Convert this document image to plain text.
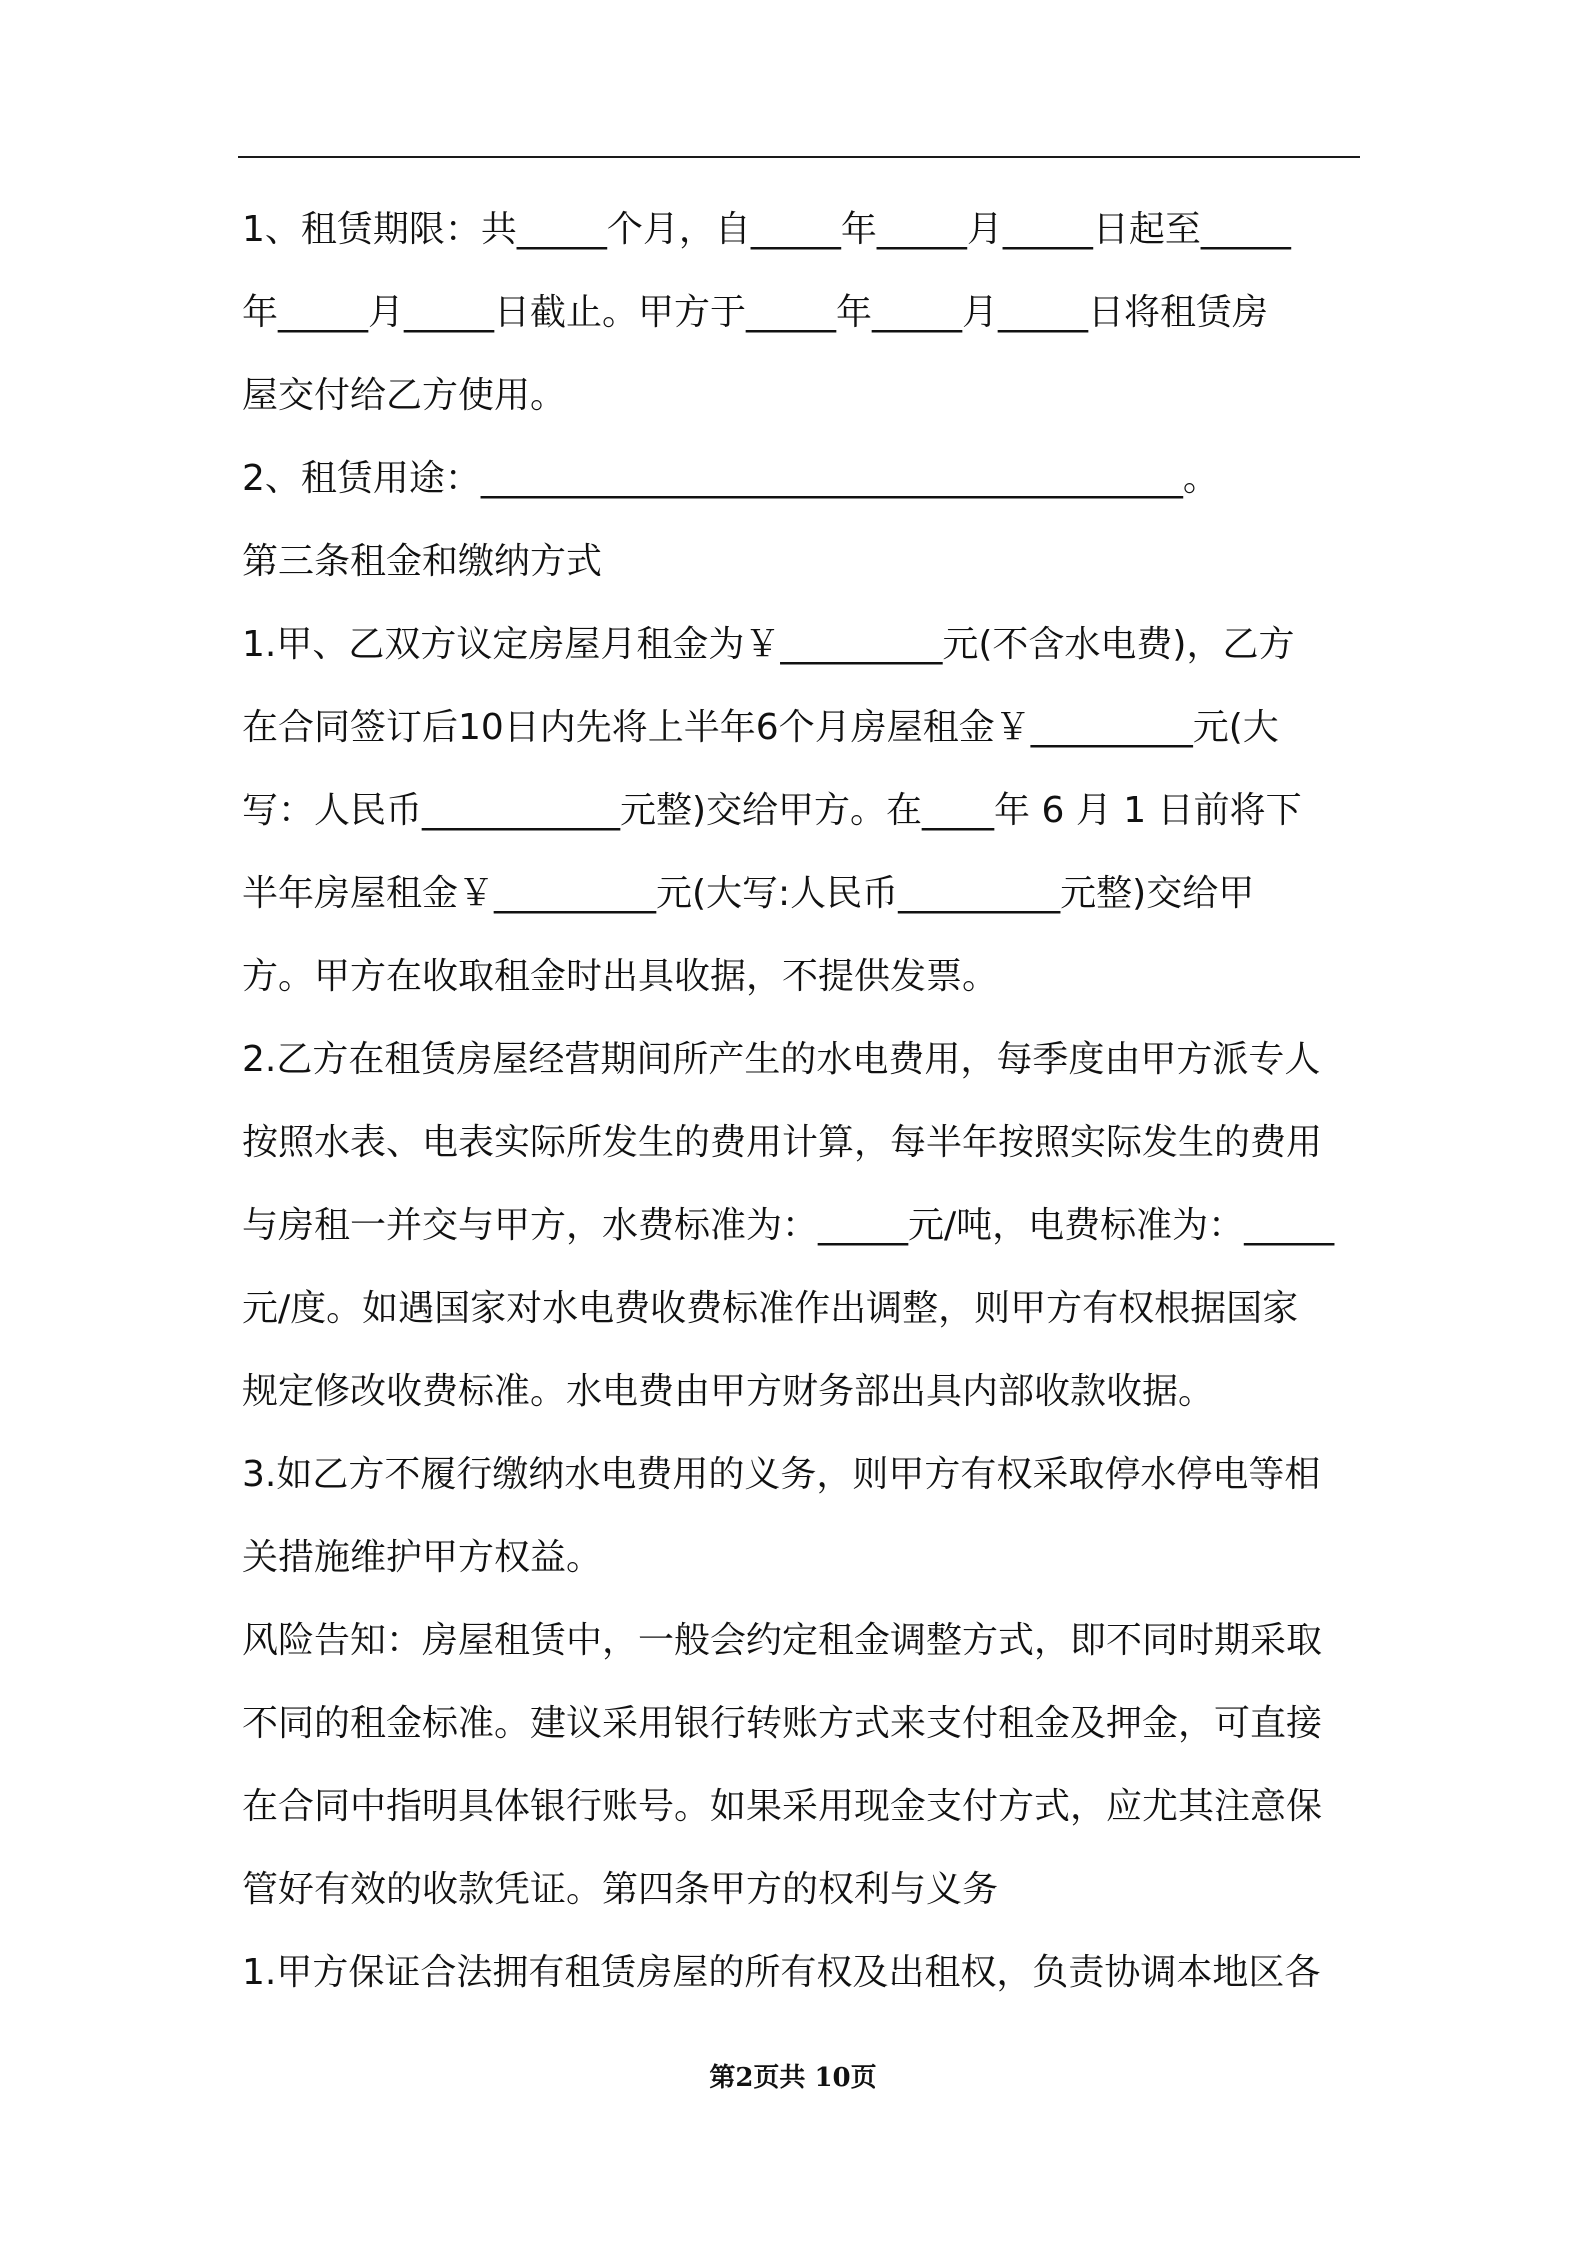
1、租赁期限：共_____个月，自_____年_____月_____日起至_____
年_____月_____日截止。甲方于_____年_____月_____日将租赁房
屋交付给乙方使用。
2、租赁用途：_______________________________________。
第三条租金和缴纳方式
1.甲、乙双方议定房屋月租金为￥_________元(不含水电费)，乙方
在合同签订后10日内先将上半年6个月房屋租金￥_________元(大
写：人民币___________元整)交给甲方。在____年 6 月 1 日前将下
半年房屋租金￥_________元(大写:人民币_________元整)交给甲
方。甲方在收取租金时出具收据，不提供发票。
2.乙方在租赁房屋经营期间所产生的水电费用，每季度由甲方派专人
按照水表、电表实际所发生的费用计算，每半年按照实际发生的费用
与房租一并交与甲方，水费标准为：_____元/吨，电费标准为：_____
元/度。如遇国家对水电费收费标准作出调整，则甲方有权根据国家
规定修改收费标准。水电费由甲方财务部出具内部收款收据。
3.如乙方不履行缴纳水电费用的义务，则甲方有权采取停水停电等相
关措施维护甲方权益。
风险告知：房屋租赁中，一般会约定租金调整方式，即不同时期采取
不同的租金标准。建议采用银行转账方式来支付租金及押金，可直接
在合同中指明具体银行账号。如果采用现金支付方式，应尤其注意保
管好有效的收款凭证。第四条甲方的权利与义务
1.甲方保证合法拥有租赁房屋的所有权及出租权，负责协调本地区各
第2页共 10页
